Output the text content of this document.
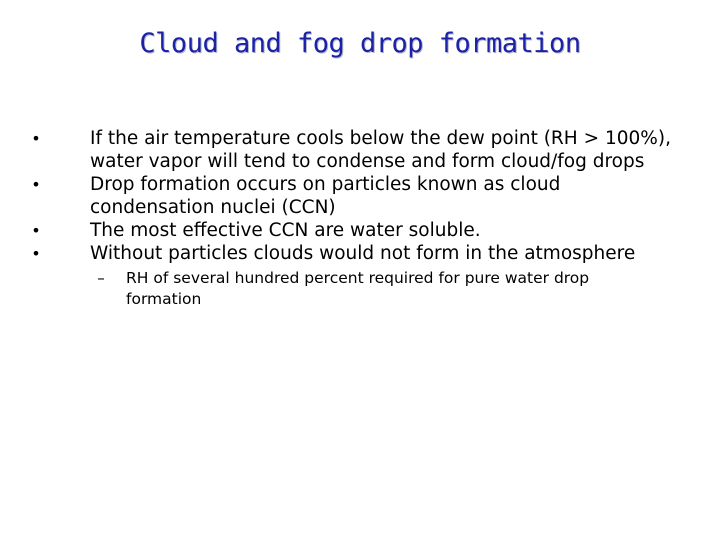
Cloud and fog drop formation
•	If the air temperature cools below the dew point (RH > 100%), water vapor will tend to condense and form cloud/fog drops
•	Drop formation occurs on particles known as cloud condensation nuclei (CCN)
•	The most effective CCN are water soluble.
•	Without particles clouds would not form in the atmosphere
–	RH of several hundred percent required for pure water drop formation
